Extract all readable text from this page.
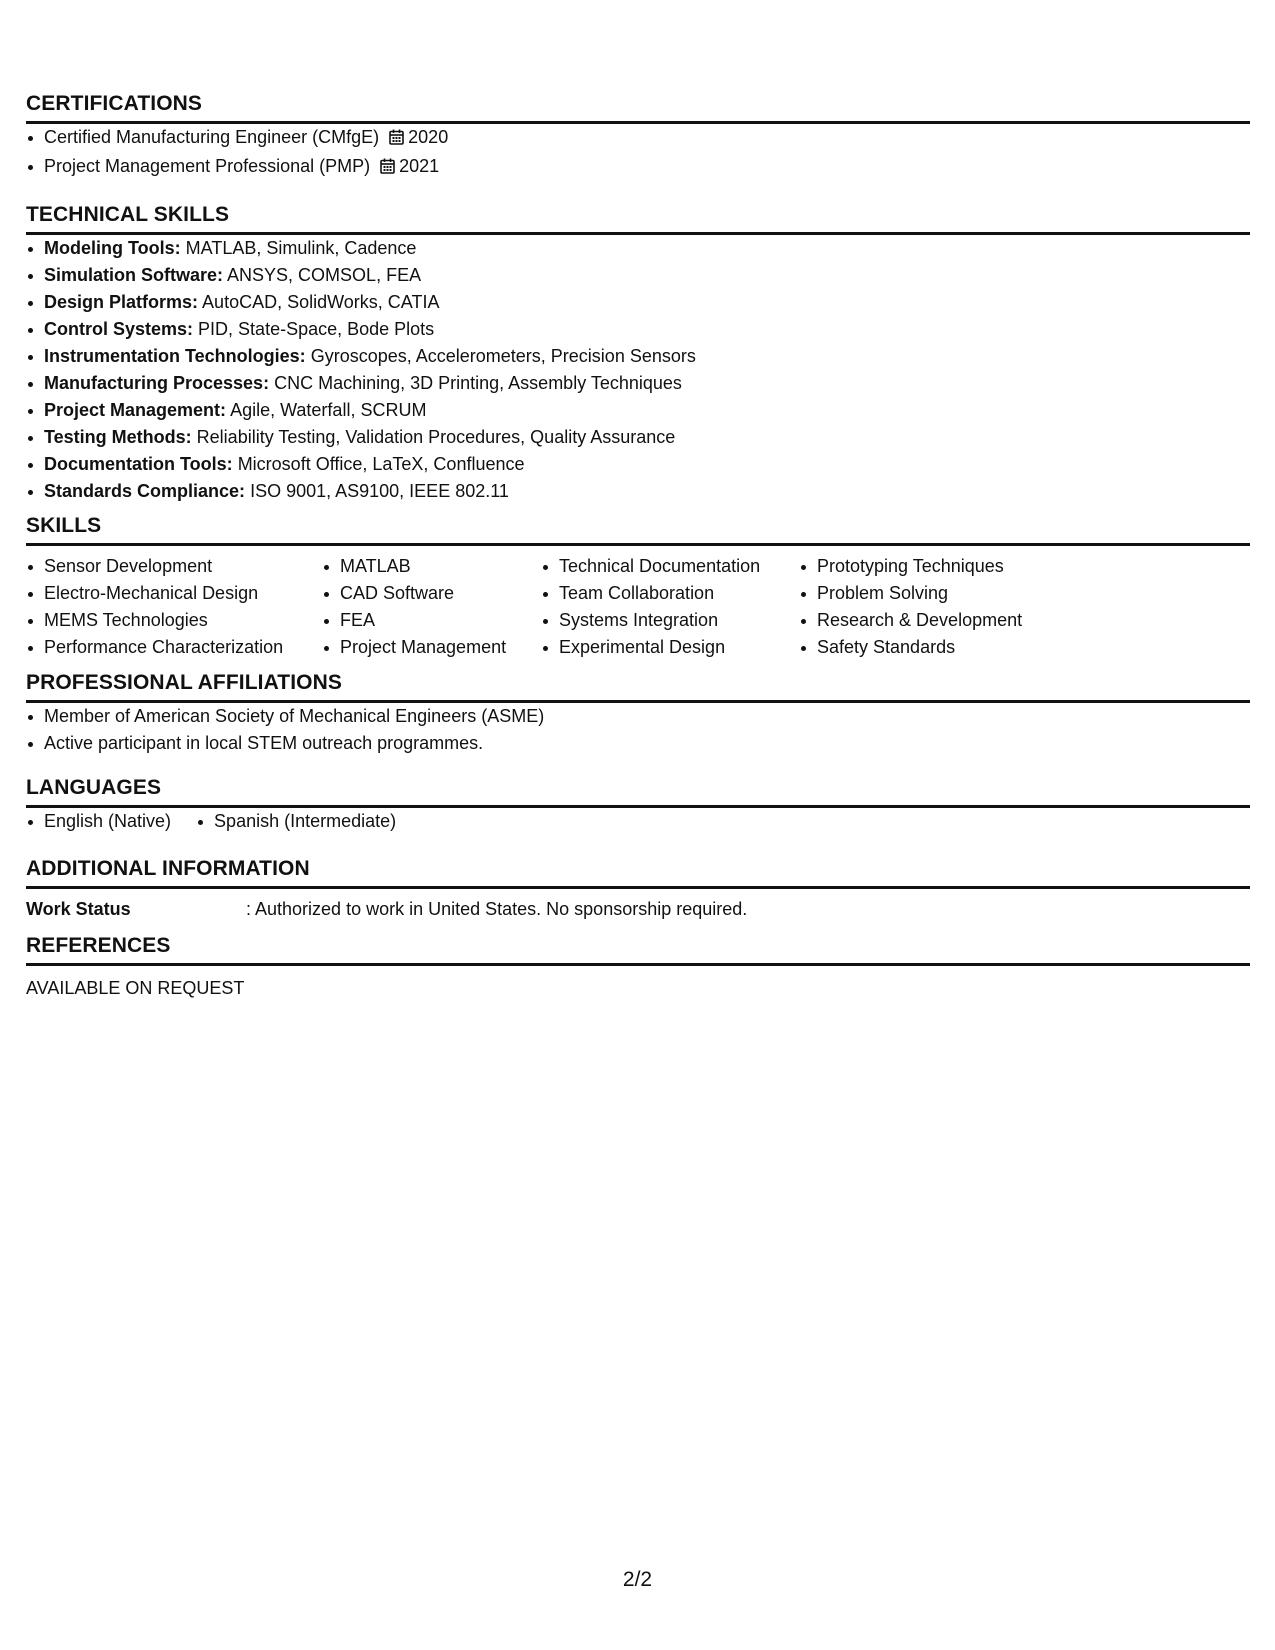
CERTIFICATIONS
Certified Manufacturing Engineer (CMfgE) 2020
Project Management Professional (PMP) 2021
TECHNICAL SKILLS
Modeling Tools: MATLAB, Simulink, Cadence
Simulation Software: ANSYS, COMSOL, FEA
Design Platforms: AutoCAD, SolidWorks, CATIA
Control Systems: PID, State-Space, Bode Plots
Instrumentation Technologies: Gyroscopes, Accelerometers, Precision Sensors
Manufacturing Processes: CNC Machining, 3D Printing, Assembly Techniques
Project Management: Agile, Waterfall, SCRUM
Testing Methods: Reliability Testing, Validation Procedures, Quality Assurance
Documentation Tools: Microsoft Office, LaTeX, Confluence
Standards Compliance: ISO 9001, AS9100, IEEE 802.11
SKILLS
Sensor Development
Electro-Mechanical Design
MEMS Technologies
Performance Characterization
MATLAB
CAD Software
FEA
Project Management
Technical Documentation
Team Collaboration
Systems Integration
Experimental Design
Prototyping Techniques
Problem Solving
Research & Development
Safety Standards
PROFESSIONAL AFFILIATIONS
Member of American Society of Mechanical Engineers (ASME)
Active participant in local STEM outreach programmes.
LANGUAGES
English (Native)	Spanish (Intermediate)
ADDITIONAL INFORMATION
Work Status	: Authorized to work in United States. No sponsorship required.
REFERENCES
AVAILABLE ON REQUEST
2/2
